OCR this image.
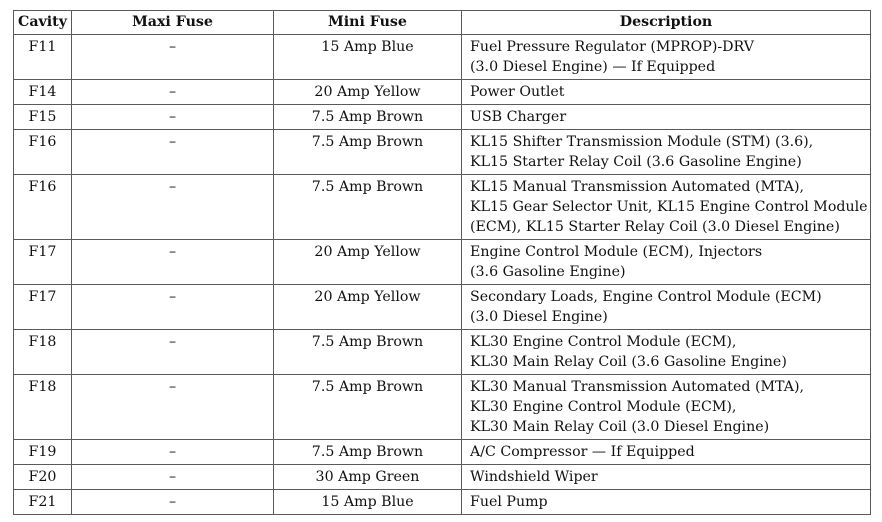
Cavity	Maxi Fuse	Mini Fuse	Description
F11	–	15 Amp Blue	Fuel Pressure Regulator (MPROP)-DRV
(3.0 Diesel Engine) — If Equipped

F14	–	20 Amp Yellow	Power Outlet

F15	–	7.5 Amp Brown	USB Charger

F16	–	7.5 Amp Brown	KL15 Shifter Transmission Module (STM) (3.6),
KL15 Starter Relay Coil (3.6 Gasoline Engine)

F16	–	7.5 Amp Brown	KL15 Manual Transmission Automated (MTA),
KL15 Gear Selector Unit, KL15 Engine Control Module
(ECM), KL15 Starter Relay Coil (3.0 Diesel Engine)

F17	–	20 Amp Yellow	Engine Control Module (ECM), Injectors
(3.6 Gasoline Engine)

F17	–	20 Amp Yellow	Secondary Loads, Engine Control Module (ECM)
(3.0 Diesel Engine)

F18	–	7.5 Amp Brown	KL30 Engine Control Module (ECM),
KL30 Main Relay Coil (3.6 Gasoline Engine)

F18	–	7.5 Amp Brown	KL30 Manual Transmission Automated (MTA),
KL30 Engine Control Module (ECM),
KL30 Main Relay Coil (3.0 Diesel Engine)

F19	–	7.5 Amp Brown	A/C Compressor — If Equipped

F20	–	30 Amp Green	Windshield Wiper

F21	–	15 Amp Blue	Fuel Pump
